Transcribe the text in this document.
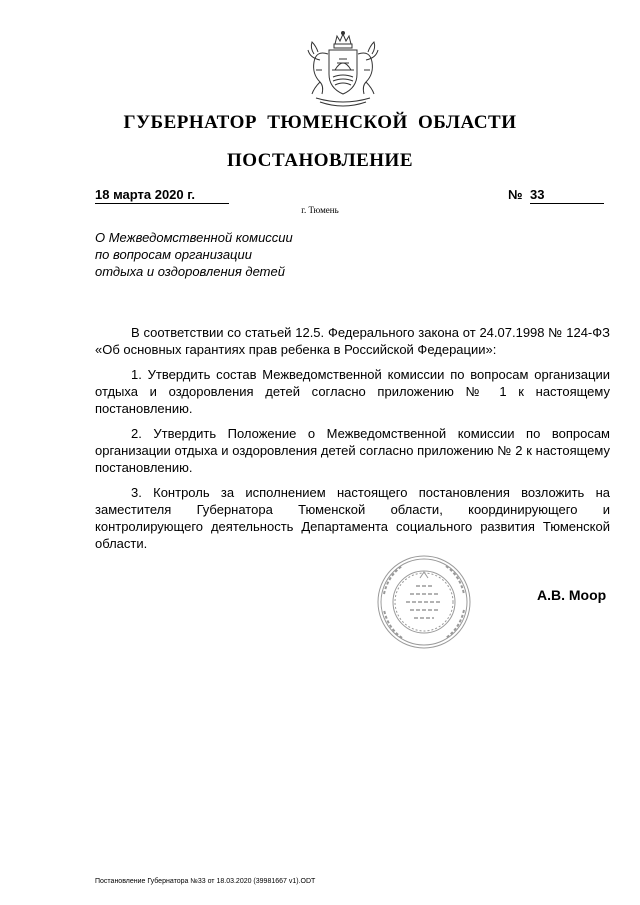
ГУБЕРНАТОР ТЮМЕНСКОЙ ОБЛАСТИ
ПОСТАНОВЛЕНИЕ
18 марта 2020 г.	№ 33
г. Тюмень
О Межведомственной комиссии
по вопросам организации
отдыха и оздоровления детей

В соответствии со статьей 12.5. Федерального закона от 24.07.1998 № 124-ФЗ «Об основных гарантиях прав ребенка в Российской Федерации»:

1. Утвердить состав Межведомственной комиссии по вопросам организации отдыха и оздоровления детей согласно приложению № 1 к настоящему постановлению.

2. Утвердить Положение о Межведомственной комиссии по вопросам организации отдыха и оздоровления детей согласно приложению № 2 к настоящему постановлению.

3. Контроль за исполнением настоящего постановления возложить на заместителя Губернатора Тюменской области, координирующего и контролирующего деятельность Департамента социального развития Тюменской области.

А.В. Моор
Постановление Губернатора №33 от 18.03.2020 (39981667 v1).ODT
